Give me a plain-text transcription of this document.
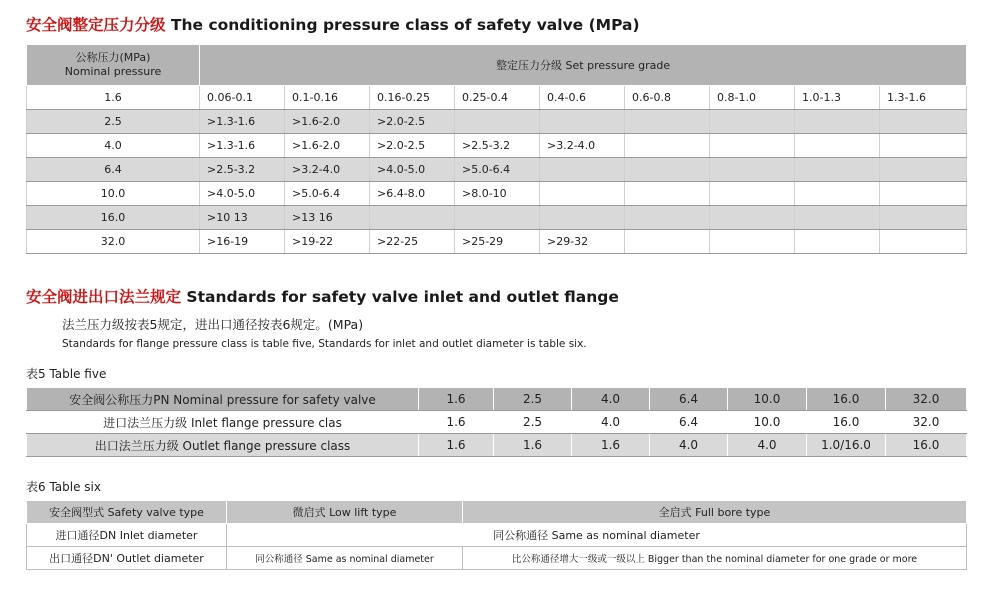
安全阀整定压力分级 The conditioning pressure class of safety valve (MPa)
公称压力(MPa)
Nominal pressure	整定压力分级 Set pressure grade								
1.6	0.06-0.1	0.1-0.16	0.16-0.25	0.25-0.4	0.4-0.6	0.6-0.8	0.8-1.0	1.0-1.3	1.3-1.6
2.5	>1.3-1.6	>1.6-2.0	>2.0-2.5						
4.0	>1.3-1.6	>1.6-2.0	>2.0-2.5	>2.5-3.2	>3.2-4.0				
6.4	>2.5-3.2	>3.2-4.0	>4.0-5.0	>5.0-6.4					
10.0	>4.0-5.0	>5.0-6.4	>6.4-8.0	>8.0-10					
16.0	>10 13	>13 16							
32.0	>16-19	>19-22	>22-25	>25-29	>29-32				
安全阀进出口法兰规定 Standards for safety valve inlet and outlet flange
法兰压力级按表5规定，进出口通径按表6规定。(MPa)
Standards for flange pressure class is table five, Standards for inlet and outlet diameter is table six.
表5 Table five
安全阀公称压力PN Nominal pressure for safety valve	1.6	2.5	4.0	6.4	10.0	16.0	32.0
进口法兰压力级 Inlet flange pressure clas	1.6	2.5	4.0	6.4	10.0	16.0	32.0
出口法兰压力级 Outlet flange pressure class	1.6	1.6	1.6	4.0	4.0	1.0/16.0	16.0
表6 Table six
安全阀型式 Safety valve type	微启式 Low lift type	全启式 Full bore type
进口通径DN Inlet diameter	同公称通径 Same as nominal diameter	
出口通径DN' Outlet diameter	同公称通径 Same as nominal diameter	比公称通径增大一级或一级以上 Bigger than the nominal diameter for one grade or more
